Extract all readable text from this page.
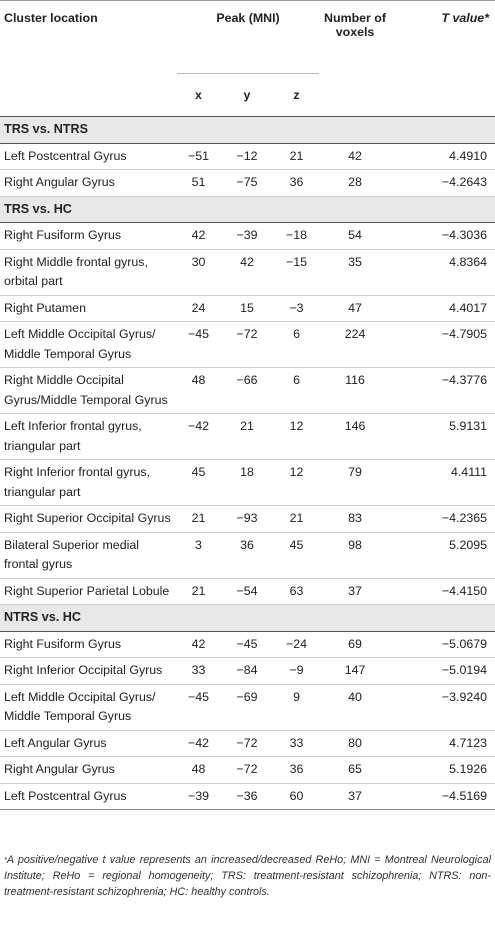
Cluster location	Peak (MNI)			Number of voxels	T value*
	x	y	z		
TRS vs. NTRS					
Left Postcentral Gyrus	−51	−12	21	42	4.4910
Right Angular Gyrus	51	−75	36	28	−4.2643
TRS vs. HC					
Right Fusiform Gyrus	42	−39	−18	54	−4.3036
Right Middle frontal gyrus, orbital part	30	42	−15	35	4.8364
Right Putamen	24	15	−3	47	4.4017
Left Middle Occipital Gyrus/ Middle Temporal Gyrus	−45	−72	6	224	−4.7905
Right Middle Occipital Gyrus/Middle Temporal Gyrus	48	−66	6	116	−4.3776
Left Inferior frontal gyrus, triangular part	−42	21	12	146	5.9131
Right Inferior frontal gyrus, triangular part	45	18	12	79	4.4111
Right Superior Occipital Gyrus	21	−93	21	83	−4.2365
Bilateral Superior medial frontal gyrus	3	36	45	98	5.2095
Right Superior Parietal Lobule	21	−54	63	37	−4.4150
NTRS vs. HC					
Right Fusiform Gyrus	42	−45	−24	69	−5.0679
Right Inferior Occipital Gyrus	33	−84	−9	147	−5.0194
Left Middle Occipital Gyrus/ Middle Temporal Gyrus	−45	−69	9	40	−3.9240
Left Angular Gyrus	−42	−72	33	80	4.7123
Right Angular Gyrus	48	−72	36	65	5.1926
Left Postcentral Gyrus	−39	−36	60	37	−4.5169
*A positive/negative t value represents an increased/decreased ReHo; MNI = Montreal Neurological Institute; ReHo = regional homogeneity; TRS: treatment-resistant schizophrenia; NTRS: non-treatment-resistant schizophrenia; HC: healthy controls.
